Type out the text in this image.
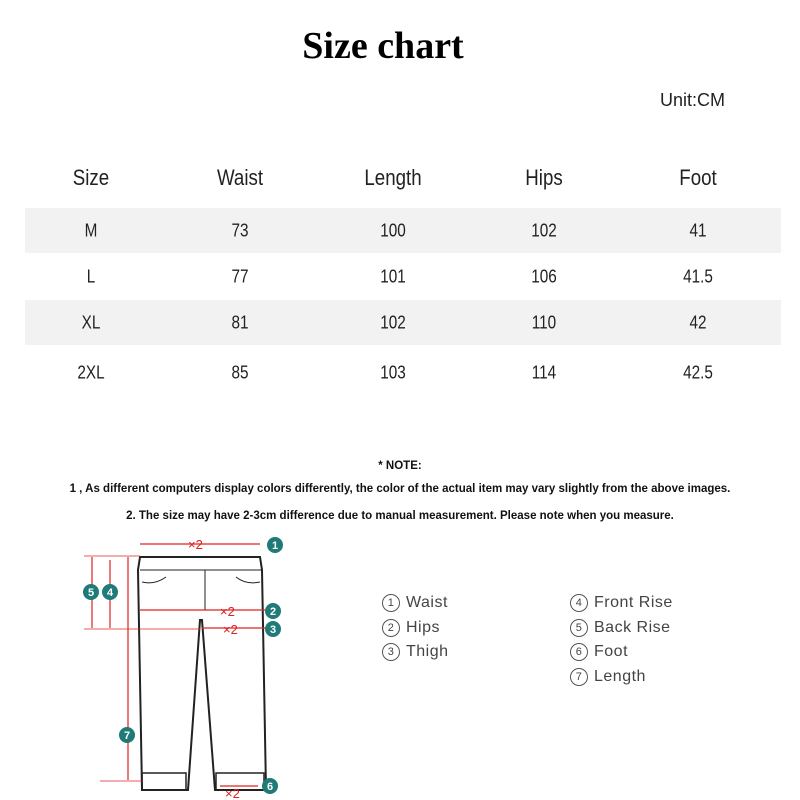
Size chart
Unit:CM
Size	Waist	Length	Hips	Foot
M	73	100	102	41
L	77	101	106	41.5
XL	81	102	110	42
2XL	85	103	114	42.5
* NOTE:
1 , As different computers display colors differently, the color of the actual item may vary slightly from the above images.
2. The size may have 2-3cm difference due to manual measurement. Please note when you measure.
×2
×2
×2
×2
1
2
3
4
5
6
7
1 Waist
2 Hips
3 Thigh
4 Front Rise
5 Back Rise
6 Foot
7 Length
